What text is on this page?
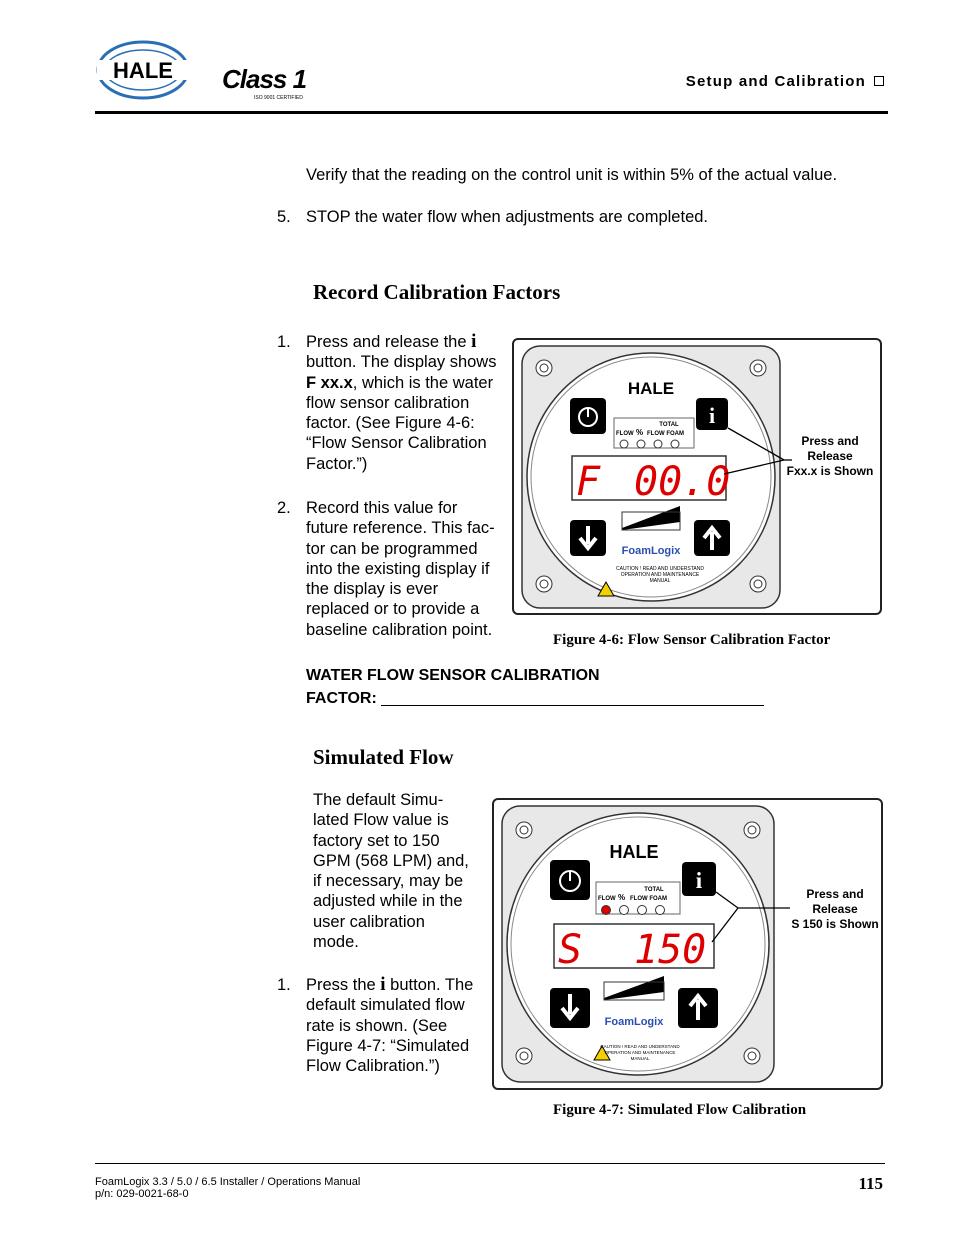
HALE Class 1
ISO 9001 CERTIFIED
Setup and Calibration
Verify that the reading on the control unit is within 5% of the actual value.
5. STOP the water flow when adjustments are completed.
Record Calibration Factors
1. Press and release the i
button. The display shows
F xx.x, which is the water
flow sensor calibration
factor. (See Figure 4-6:
“Flow Sensor Calibration
Factor.”)
2. Record this value for
future reference. This fac-
tor can be programmed
into the existing display if
the display is ever
replaced or to provide a
baseline calibration point.
HALE
i
TOTAL
FLOW % FLOW FOAM
F 00.0
FoamLogix
CAUTION ! READ AND UNDERSTAND
OPERATION AND MAINTENANCE
MANUAL
Press and
Release
Fxx.x is Shown
Figure 4-6: Flow Sensor Calibration Factor
WATER FLOW SENSOR CALIBRATION
FACTOR: ___________________________________________
Simulated Flow
The default Simu-
lated Flow value is
factory set to 150
GPM (568 LPM) and,
if necessary, may be
adjusted while in the
user calibration
mode.
1. Press the i button. The
default simulated flow
rate is shown. (See
Figure 4-7: “Simulated
Flow Calibration.”)
HALE
i
TOTAL
FLOW % FLOW FOAM
S 150
FoamLogix
CAUTION ! READ AND UNDERSTAND
OPERATION AND MAINTENANCE
MANUAL
Press and
Release
S 150 is Shown
Figure 4-7: Simulated Flow Calibration
FoamLogix 3.3 / 5.0 / 6.5 Installer / Operations Manual
p/n: 029-0021-68-0
115
